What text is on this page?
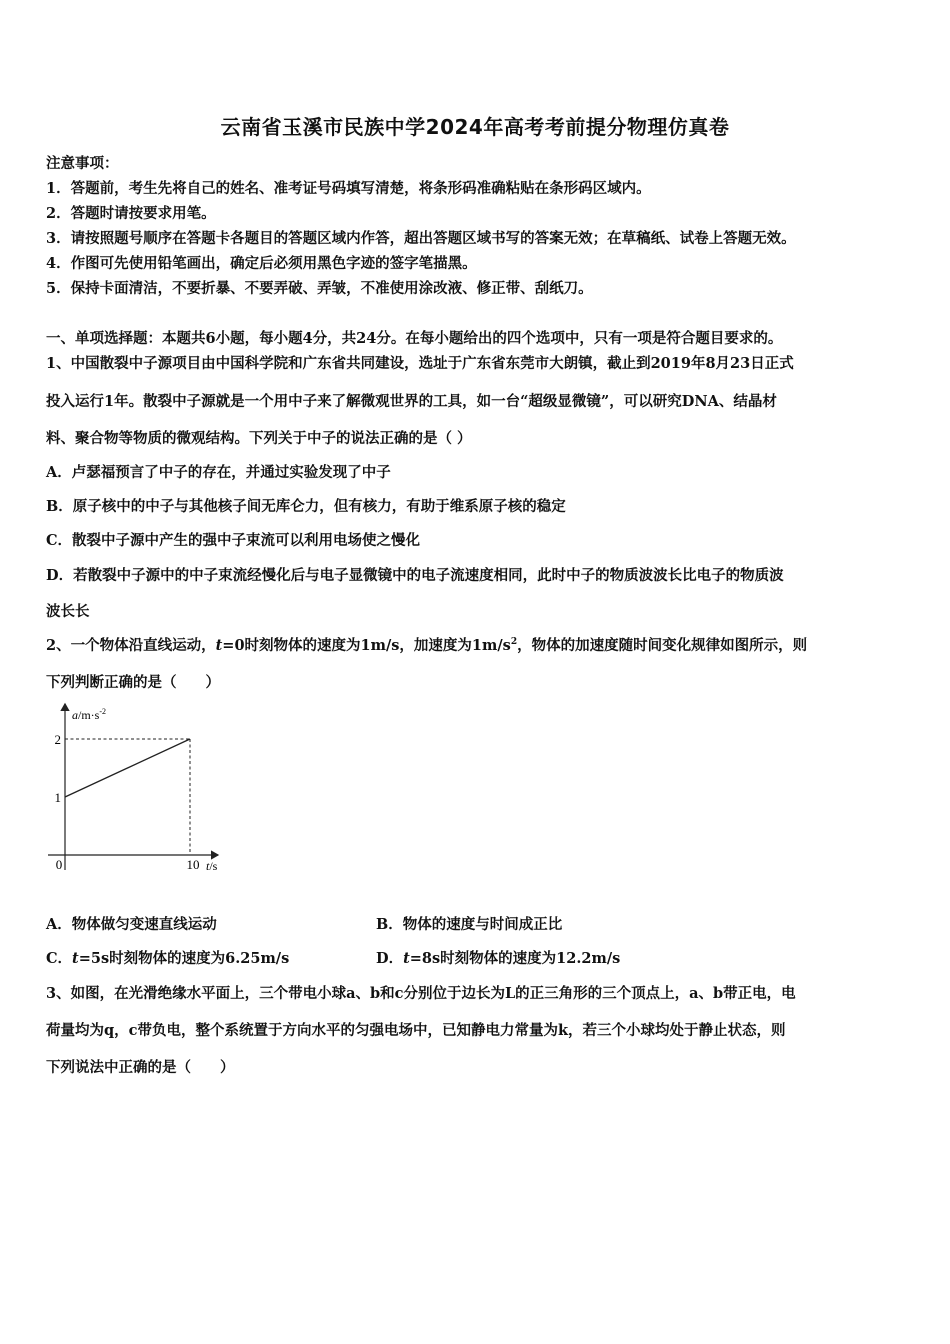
云南省玉溪市民族中学2024年高考考前提分物理仿真卷
注意事项：
1．答题前，考生先将自己的姓名、准考证号码填写清楚，将条形码准确粘贴在条形码区域内。
2．答题时请按要求用笔。
3．请按照题号顺序在答题卡各题目的答题区域内作答，超出答题区域书写的答案无效；在草稿纸、试卷上答题无效。
4．作图可先使用铅笔画出，确定后必须用黑色字迹的签字笔描黑。
5．保持卡面清洁，不要折暴、不要弄破、弄皱，不准使用涂改液、修正带、刮纸刀。
一、单项选择题：本题共6小题，每小题4分，共24分。在每小题给出的四个选项中，只有一项是符合题目要求的。
1、中国散裂中子源项目由中国科学院和广东省共同建设，选址于广东省东莞市大朗镇，截止到2019年8月23日正式
投入运行1年。散裂中子源就是一个用中子来了解微观世界的工具，如一台“超级显微镜”，可以研究DNA、结晶材
料、聚合物等物质的微观结构。下列关于中子的说法正确的是（ ）
A．卢瑟福预言了中子的存在，并通过实验发现了中子
B．原子核中的中子与其他核子间无库仑力，但有核力，有助于维系原子核的稳定
C．散裂中子源中产生的强中子束流可以利用电场使之慢化
D．若散裂中子源中的中子束流经慢化后与电子显微镜中的电子流速度相同，此时中子的物质波波长比电子的物质波
波长长
2、一个物体沿直线运动，t=0时刻物体的速度为1m/s，加速度为$1m/s^2$，物体的加速度随时间变化规律如图所示，则
下列判断正确的是（　　）
1
2
0	10
$a/m\cdot s^{-2}$
t/s
A．物体做匀变速直线运动	B．物体的速度与时间成正比
C．t=5s时刻物体的速度为6.25m/s	D．t=8s时刻物体的速度为12.2m/s
3、如图，在光滑绝缘水平面上，三个带电小球a、b和c分别位于边长为L的正三角形的三个顶点上，a、b带正电，电
荷量均为q，c带负电，整个系统置于方向水平的匀强电场中，已知静电力常量为k，若三个小球均处于静止状态，则
下列说法中正确的是（　　）
